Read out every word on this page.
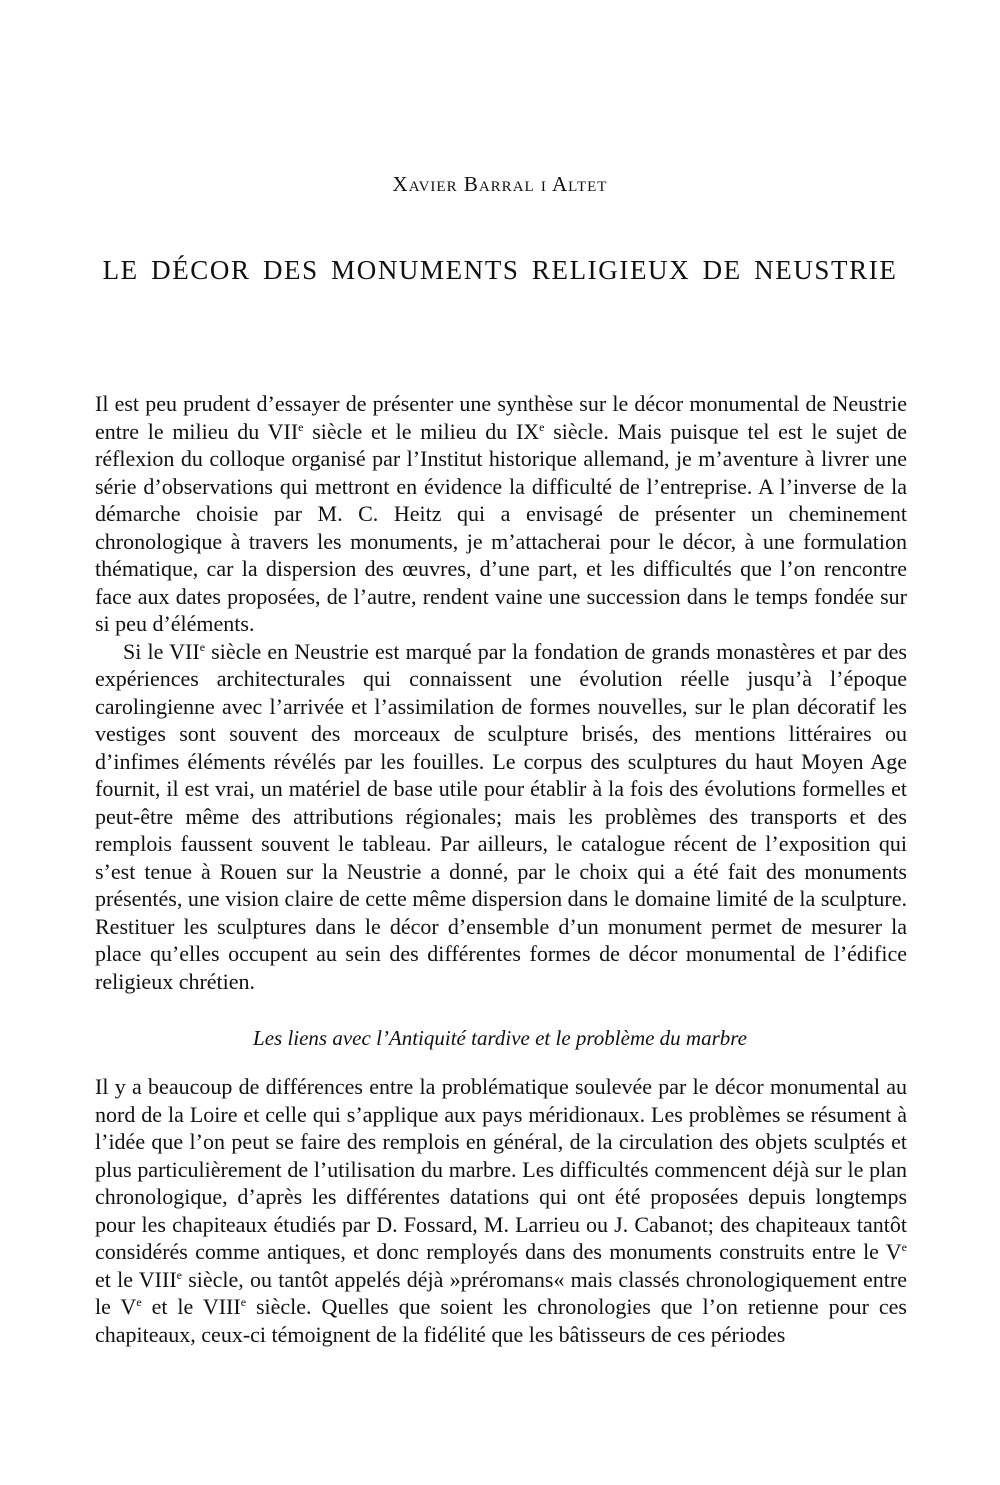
Xavier Barral i Altet
LE DÉCOR DES MONUMENTS RELIGIEUX DE NEUSTRIE

Il est peu prudent d’essayer de présenter une synthèse sur le décor monumental de Neustrie entre le milieu du VIIe siècle et le milieu du IXe siècle. Mais puisque tel est le sujet de réflexion du colloque organisé par l’Institut historique allemand, je m’aventure à livrer une série d’observations qui mettront en évidence la difficulté de l’entreprise. A l’inverse de la démarche choisie par M. C. Heitz qui a envisagé de présenter un cheminement chronologique à travers les monuments, je m’attacherai pour le décor, à une formulation thématique, car la dispersion des œuvres, d’une part, et les difficultés que l’on rencontre face aux dates proposées, de l’autre, rendent vaine une succession dans le temps fondée sur si peu d’éléments.

Si le VIIe siècle en Neustrie est marqué par la fondation de grands monastères et par des expériences architecturales qui connaissent une évolution réelle jusqu’à l’époque carolingienne avec l’arrivée et l’assimilation de formes nouvelles, sur le plan décoratif les vestiges sont souvent des morceaux de sculpture brisés, des mentions littéraires ou d’infimes éléments révélés par les fouilles. Le corpus des sculptures du haut Moyen Age fournit, il est vrai, un matériel de base utile pour établir à la fois des évolutions formelles et peut-être même des attributions régionales; mais les problèmes des transports et des remplois faussent souvent le tableau. Par ailleurs, le catalogue récent de l’exposition qui s’est tenue à Rouen sur la Neustrie a donné, par le choix qui a été fait des monuments présentés, une vision claire de cette même dispersion dans le domaine limité de la sculpture. Restituer les sculptures dans le décor d’ensemble d’un monument permet de mesurer la place qu’elles occupent au sein des différentes formes de décor monumental de l’édifice religieux chrétien.

Les liens avec l’Antiquité tardive et le problème du marbre

Il y a beaucoup de différences entre la problématique soulevée par le décor monumental au nord de la Loire et celle qui s’applique aux pays méridionaux. Les problèmes se résument à l’idée que l’on peut se faire des remplois en général, de la circulation des objets sculptés et plus particulièrement de l’utilisation du marbre. Les difficultés commencent déjà sur le plan chronologique, d’après les différentes datations qui ont été proposées depuis longtemps pour les chapiteaux étudiés par D. Fossard, M. Larrieu ou J. Cabanot; des chapiteaux tantôt considérés comme antiques, et donc remployés dans des monuments construits entre le Ve et le VIIIe siècle, ou tantôt appelés déjà »préromans« mais classés chronologiquement entre le Ve et le VIIIe siècle. Quelles que soient les chronologies que l’on retienne pour ces chapiteaux, ceux-ci témoignent de la fidélité que les bâtisseurs de ces périodes
